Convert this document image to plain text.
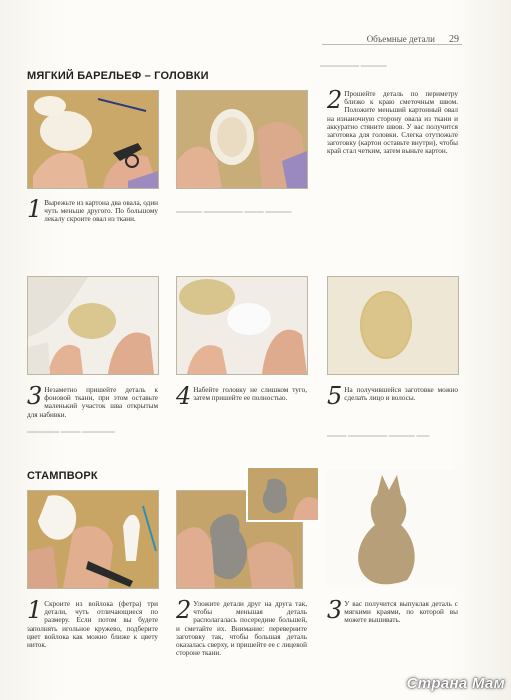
Объемные детали 29
▬▬▬▬▬▬ ▬▬▬▬
МЯГКИЙ БАРЕЛЬЕФ – ГОЛОВКИ
1 Вырежьте из картона два овала, один чуть меньше другого. По большому лекалу скроите овал из ткани.
2 Прошейте деталь по периметру близко к краю сметочным швом. Положите меньший картонный овал на изнаночную сторону овала из ткани и аккуратно стяните швов. У вас получится заготовка для головки. Слегка отутюжьте заготовку (картон оставьте внутри), чтобы край стал четким, затем выньте картон.
▬▬▬▬ ▬▬▬▬▬▬ ▬▬▬ ▬▬▬▬
3 Незаметно пришейте деталь к фоновой ткани, при этом оставьте маленький участок шва открытым для набивки.
4 Набейте головку не слишком туго, затем пришейте ее полностью.	5 На получившейся заготовке можно сделать лицо и волосы.
▬▬▬▬▬ ▬▬▬ ▬▬▬▬▬
▬▬▬ ▬▬▬▬▬▬ ▬▬▬▬ ▬▬
СТАМПВОРК
1 Скроите из войлока (фетра) три детали, чуть отличающиеся по размеру. Если потом вы будете заполнять игольное кружево, подберите цвет войлока как можно ближе к цвету ниток.
2 Уложите детали друг на друга так, чтобы меньшая деталь располагалась посередине большей, и сметайте их. Внимание: переверните заготовку так, чтобы большая деталь оказалась сверху, и пришейте ее с лицевой стороне ткани.
3 У вас получится выпуклая деталь с мягкими краями, по которой вы можете вышивать.
Страна Мам
